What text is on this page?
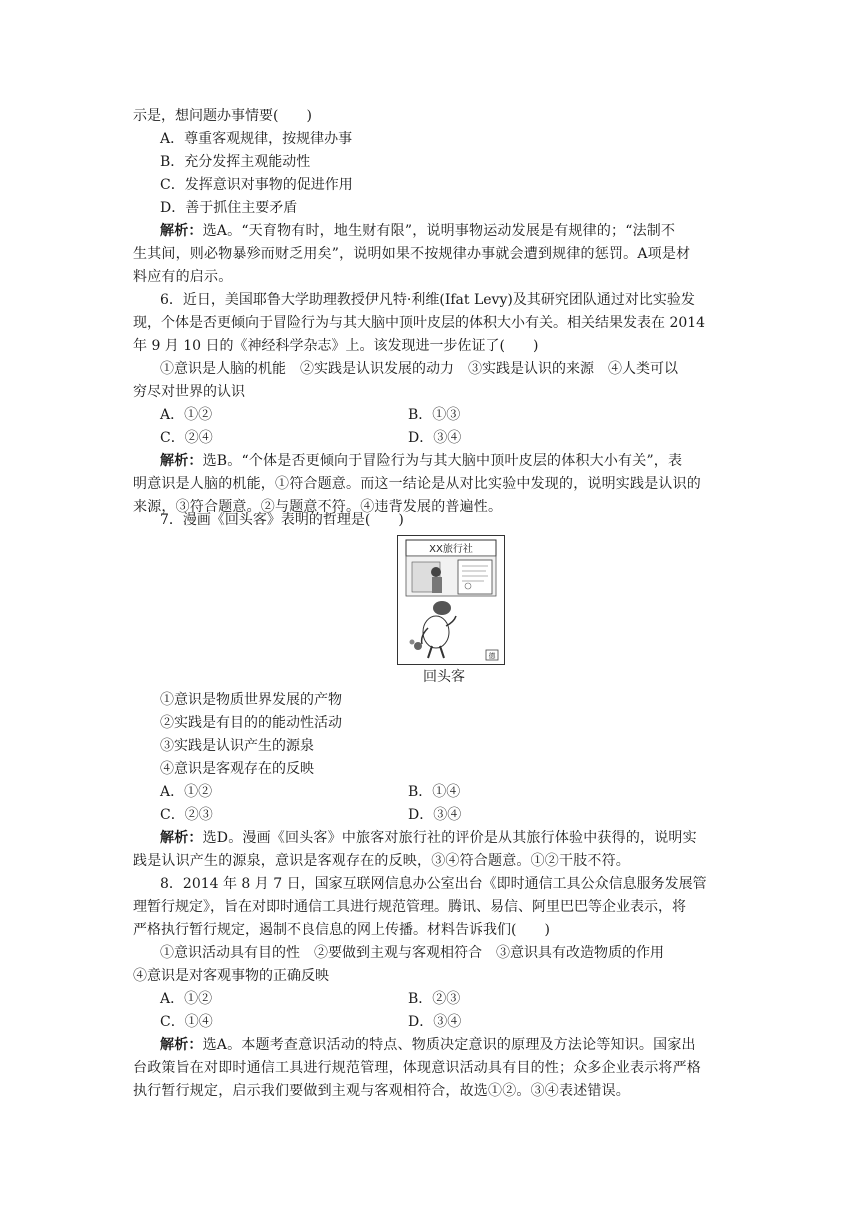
示是，想问题办事情要(　　)
A．尊重客观规律，按规律办事
B．充分发挥主观能动性
C．发挥意识对事物的促进作用
D．善于抓住主要矛盾
解析：选A。“天育物有时，地生财有限”，说明事物运动发展是有规律的；“法制不
生其间，则必物暴殄而财乏用矣”，说明如果不按规律办事就会遭到规律的惩罚。A项是材
料应有的启示。
6．近日，美国耶鲁大学助理教授伊凡特·利维(Ifat Levy)及其研究团队通过对比实验发
现，个体是否更倾向于冒险行为与其大脑中顶叶皮层的体积大小有关。相关结果发表在 2014
年 9 月 10 日的《神经科学杂志》上。该发现进一步佐证了(　　)
①意识是人脑的机能　②实践是认识发展的动力　③实践是认识的来源　④人类可以
穷尽对世界的认识
A．①②	B．①③
C．②④	D．③④
解析：选B。“个体是否更倾向于冒险行为与其大脑中顶叶皮层的体积大小有关”，表
明意识是人脑的机能，①符合题意。而这一结论是从对比实验中发现的，说明实践是认识的
来源，③符合题意。②与题意不符。④违背发展的普遍性。
7．漫画《回头客》表明的哲理是(　　)
XX旅行社
德
回头客
①意识是物质世界发展的产物
②实践是有目的的能动性活动
③实践是认识产生的源泉
④意识是客观存在的反映
A．①②	B．①④
C．②③	D．③④
解析：选D。漫画《回头客》中旅客对旅行社的评价是从其旅行体验中获得的，说明实
践是认识产生的源泉，意识是客观存在的反映，③④符合题意。①②干肢不符。
8．2014 年 8 月 7 日，国家互联网信息办公室出台《即时通信工具公众信息服务发展管
理暂行规定》，旨在对即时通信工具进行规范管理。腾讯、易信、阿里巴巴等企业表示，将
严格执行暂行规定，遏制不良信息的网上传播。材料告诉我们(　　)
①意识活动具有目的性　②要做到主观与客观相符合　③意识具有改造物质的作用
④意识是对客观事物的正确反映
A．①②	B．②③
C．①④	D．③④
解析：选A。本题考查意识活动的特点、物质决定意识的原理及方法论等知识。国家出
台政策旨在对即时通信工具进行规范管理，体现意识活动具有目的性；众多企业表示将严格
执行暂行规定，启示我们要做到主观与客观相符合，故选①②。③④表述错误。
